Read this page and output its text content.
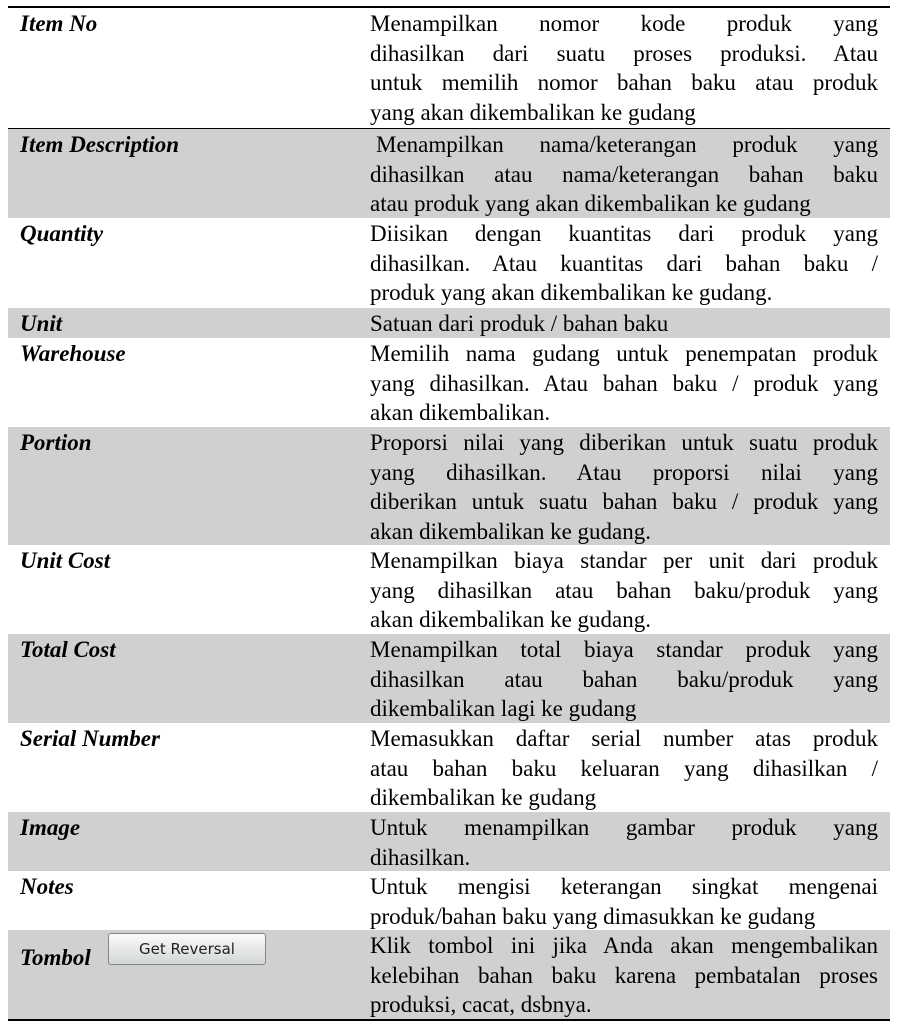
Item No	Menampilkan nomor kode produk yang
dihasilkan dari suatu proses produksi. Atau
untuk memilih nomor bahan baku atau produk
yang akan dikembalikan ke gudang
Item Description	Menampilkan nama/keterangan produk yang
dihasilkan atau nama/keterangan bahan baku
atau produk yang akan dikembalikan ke gudang
Quantity	Diisikan dengan kuantitas dari produk yang
dihasilkan. Atau kuantitas dari bahan baku /
produk yang akan dikembalikan ke gudang.
Unit	Satuan dari produk / bahan baku
Warehouse	Memilih nama gudang untuk penempatan produk
yang dihasilkan. Atau bahan baku / produk yang
akan dikembalikan.
Portion	Proporsi nilai yang diberikan untuk suatu produk
yang dihasilkan. Atau proporsi nilai yang
diberikan untuk suatu bahan baku / produk yang
akan dikembalikan ke gudang.
Unit Cost	Menampilkan biaya standar per unit dari produk
yang dihasilkan atau bahan baku/produk yang
akan dikembalikan ke gudang.
Total Cost	Menampilkan total biaya standar produk yang
dihasilkan atau bahan baku/produk yang
dikembalikan lagi ke gudang
Serial Number	Memasukkan daftar serial number atas produk
atau bahan baku keluaran yang dihasilkan /
dikembalikan ke gudang
Image	Untuk menampilkan gambar produk yang
dihasilkan.
Notes	Untuk mengisi keterangan singkat mengenai
produk/bahan baku yang dimasukkan ke gudang
Tombol	Get Reversal	Klik tombol ini jika Anda akan mengembalikan
kelebihan bahan baku karena pembatalan proses
produksi, cacat, dsbnya.
